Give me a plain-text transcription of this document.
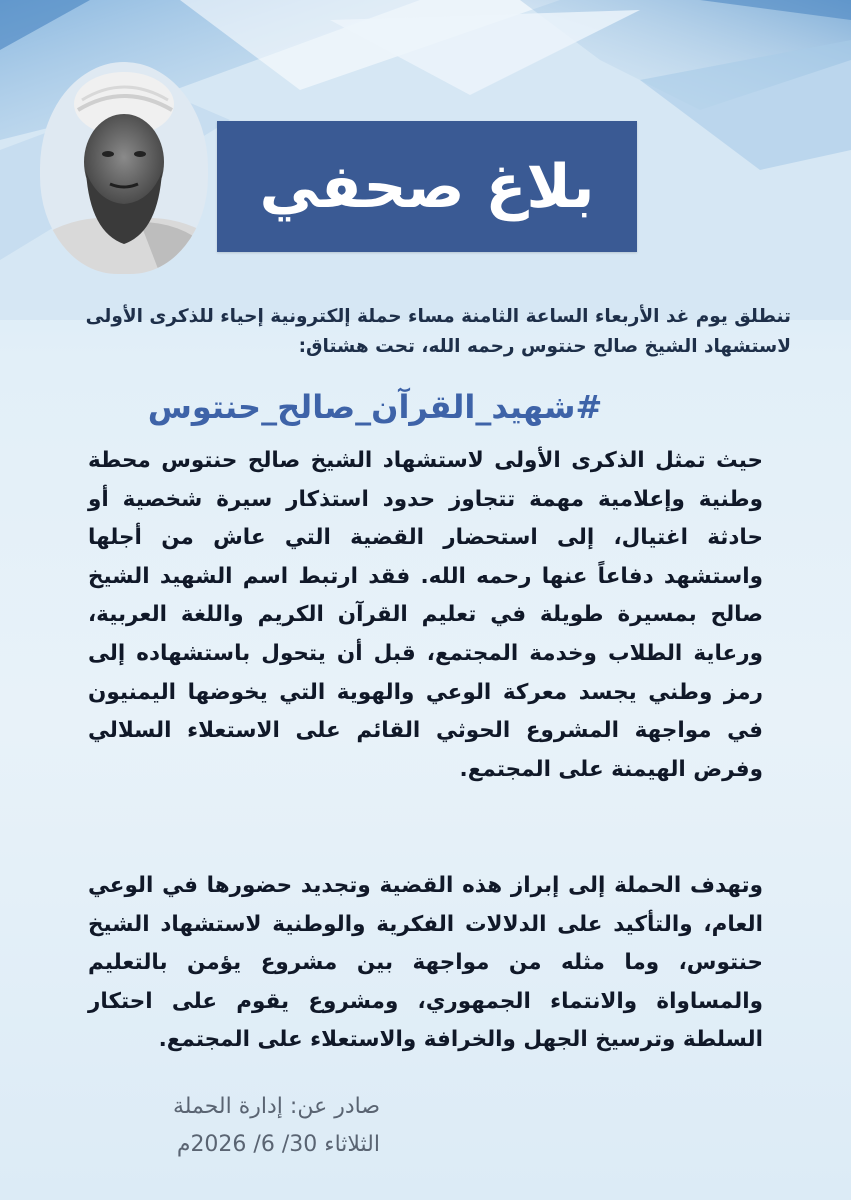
بلاغ صحفي
تنطلق يوم غد الأربعاء الساعة الثامنة مساء حملة إلكترونية إحياء للذكرى الأولى لاستشهاد الشيخ صالح حنتوس رحمه الله، تحت هشتاق:
#شهيد_القرآن_صالح_حنتوس
حيث تمثل الذكرى الأولى لاستشهاد الشيخ صالح حنتوس محطة وطنية وإعلامية مهمة تتجاوز حدود استذكار سيرة شخصية أو حادثة اغتيال، إلى استحضار القضية التي عاش من أجلها واستشهد دفاعاً عنها رحمه الله. فقد ارتبط اسم الشهيد الشيخ صالح بمسيرة طويلة في تعليم القرآن الكريم واللغة العربية، ورعاية الطلاب وخدمة المجتمع، قبل أن يتحول باستشهاده إلى رمز وطني يجسد معركة الوعي والهوية التي يخوضها اليمنيون في مواجهة المشروع الحوثي القائم على الاستعلاء السلالي وفرض الهيمنة على المجتمع.
وتهدف الحملة إلى إبراز هذه القضية وتجديد حضورها في الوعي العام، والتأكيد على الدلالات الفكرية والوطنية لاستشهاد الشيخ حنتوس، وما مثله من مواجهة بين مشروع يؤمن بالتعليم والمساواة والانتماء الجمهوري، ومشروع يقوم على احتكار السلطة وترسيخ الجهل والخرافة والاستعلاء على المجتمع.
صادر عن: إدارة الحملة
الثلاثاء 30/ 6/ 2026م
